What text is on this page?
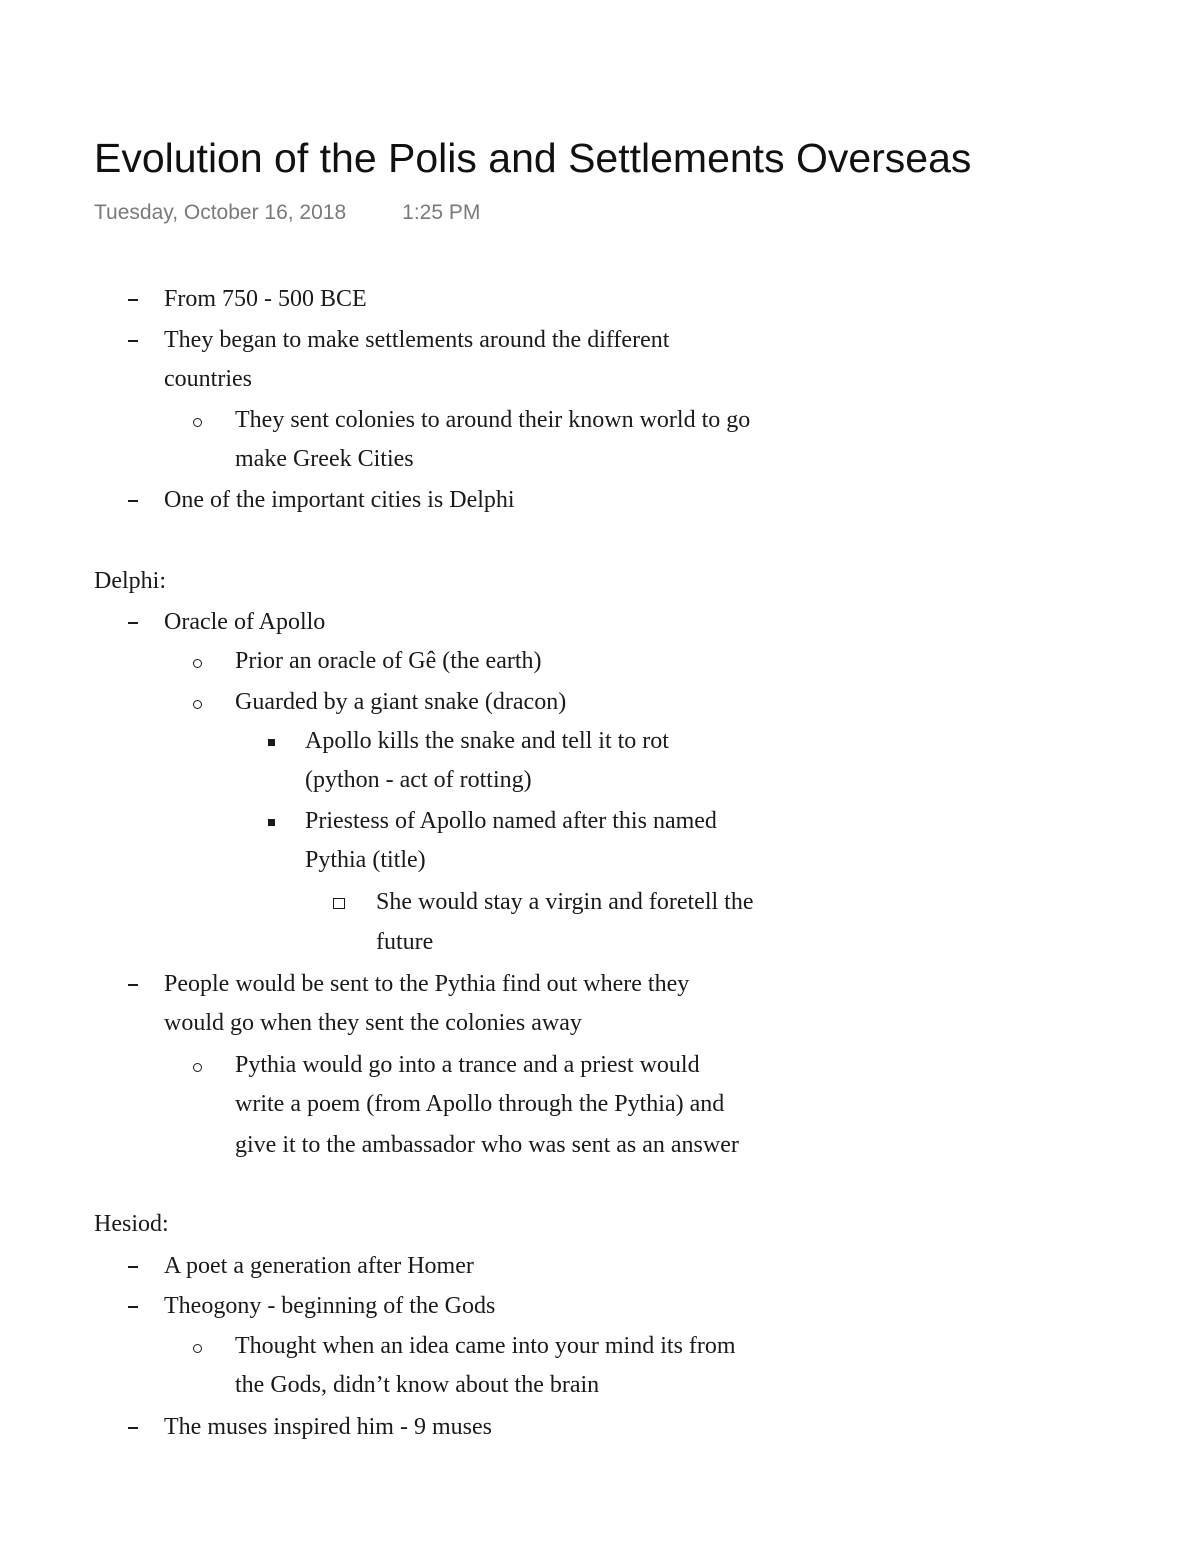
Evolution of the Polis and Settlements Overseas
Tuesday, October 16, 2018	1:25 PM
From 750 - 500 BCE
They began to make settlements around the different
countries
They sent colonies to around their known world to go
make Greek Cities
One of the important cities is Delphi
Delphi:
Oracle of Apollo
Prior an oracle of Gê (the earth)
Guarded by a giant snake (dracon)
Apollo kills the snake and tell it to rot
(python - act of rotting)
Priestess of Apollo named after this named
Pythia (title)
She would stay a virgin and foretell the
future
People would be sent to the Pythia find out where they
would go when they sent the colonies away
Pythia would go into a trance and a priest would
write a poem (from Apollo through the Pythia) and
give it to the ambassador who was sent as an answer
Hesiod:
A poet a generation after Homer
Theogony - beginning of the Gods
Thought when an idea came into your mind its from
the Gods, didn’t know about the brain
The muses inspired him - 9 muses
